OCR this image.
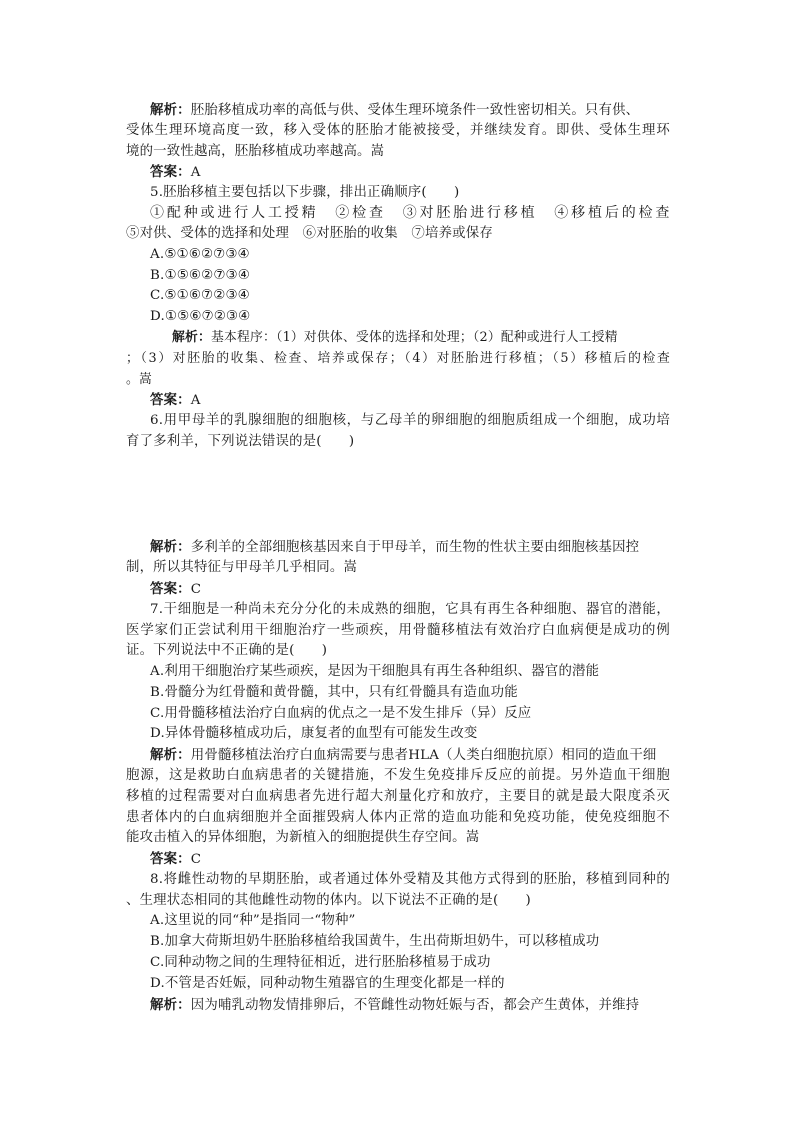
解析：胚胎移植成功率的高低与供、受体生理环境条件一致性密切相关。只有供、
受体生理环境高度一致，移入受体的胚胎才能被接受，并继续发育。即供、受体生理环
境的一致性越高，胚胎移植成功率越高。嵩
答案：A
5.胚胎移植主要包括以下步骤，排出正确顺序(　　)
①配种或进行人工授精　②检查　③对胚胎进行移植　④移植后的检查
⑤对供、受体的选择和处理　⑥对胚胎的收集　⑦培养或保存
A.⑤①⑥②⑦③④
B.①⑤⑥②⑦③④
C.⑤①⑥⑦②③④
D.①⑤⑥⑦②③④
解析：基本程序：（1）对供体、受体的选择和处理；（2）配种或进行人工授精
；（3）对胚胎的收集、检查、培养或保存；（4）对胚胎进行移植；（5）移植后的检查
。嵩
答案：A
6.用甲母羊的乳腺细胞的细胞核，与乙母羊的卵细胞的细胞质组成一个细胞，成功培
育了多利羊，下列说法错误的是(　　)
解析：多利羊的全部细胞核基因来自于甲母羊，而生物的性状主要由细胞核基因控
制，所以其特征与甲母羊几乎相同。嵩
答案：C
7.干细胞是一种尚未充分分化的未成熟的细胞，它具有再生各种细胞、器官的潜能，
医学家们正尝试利用干细胞治疗一些顽疾，用骨髓移植法有效治疗白血病便是成功的例
证。下列说法中不正确的是(　　)
A.利用干细胞治疗某些顽疾，是因为干细胞具有再生各种组织、器官的潜能
B.骨髓分为红骨髓和黄骨髓，其中，只有红骨髓具有造血功能
C.用骨髓移植法治疗白血病的优点之一是不发生排斥（异）反应
D.异体骨髓移植成功后，康复者的血型有可能发生改变
解析：用骨髓移植法治疗白血病需要与患者HLA（人类白细胞抗原）相同的造血干细
胞源，这是救助白血病患者的关键措施，不发生免疫排斥反应的前提。另外造血干细胞
移植的过程需要对白血病患者先进行超大剂量化疗和放疗，主要目的就是最大限度杀灭
患者体内的白血病细胞并全面摧毁病人体内正常的造血功能和免疫功能，使免疫细胞不
能攻击植入的异体细胞，为新植入的细胞提供生存空间。嵩
答案：C
8.将雌性动物的早期胚胎，或者通过体外受精及其他方式得到的胚胎，移植到同种的
、生理状态相同的其他雌性动物的体内。以下说法不正确的是(　　)
A.这里说的同“种”是指同一“物种”
B.加拿大荷斯坦奶牛胚胎移植给我国黄牛，生出荷斯坦奶牛，可以移植成功
C.同种动物之间的生理特征相近，进行胚胎移植易于成功
D.不管是否妊娠，同种动物生殖器官的生理变化都是一样的
解析：因为哺乳动物发情排卵后，不管雌性动物妊娠与否，都会产生黄体，并维持
